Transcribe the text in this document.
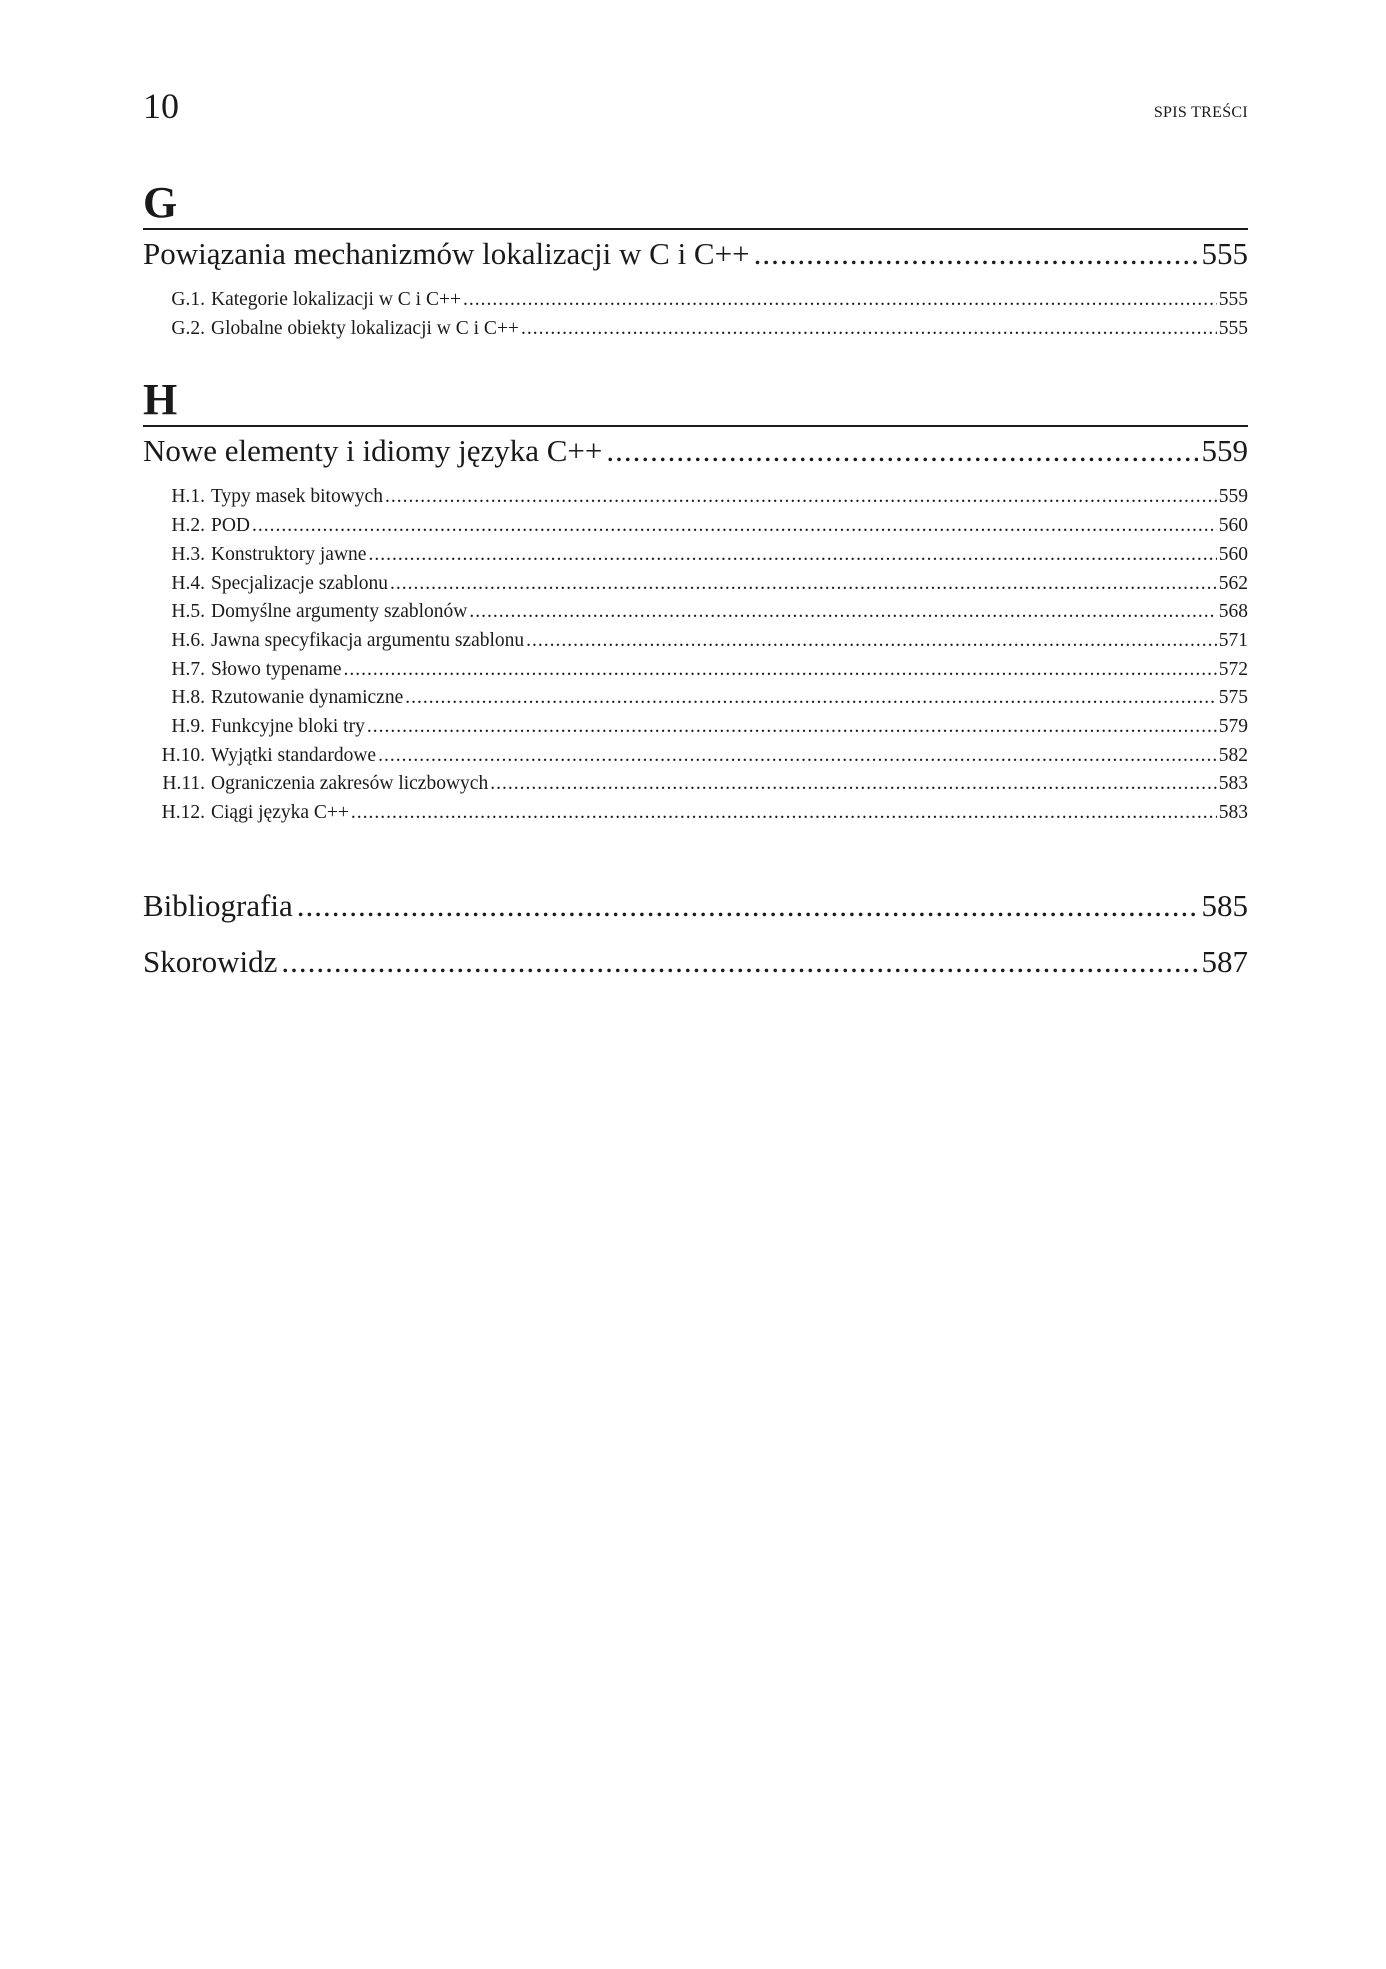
10	SPIS TREŚCI
G
Powiązania mechanizmów lokalizacji w C i C++ .....	555
G.1. Kategorie lokalizacji w C i C++ .....	555
G.2. Globalne obiekty lokalizacji w C i C++ .....	555
H
Nowe elementy i idiomy języka C++ .....	559
H.1. Typy masek bitowych .....	559
H.2. POD .....	560
H.3. Konstruktory jawne .....	560
H.4. Specjalizacje szablonu .....	562
H.5. Domyślne argumenty szablonów .....	568
H.6. Jawna specyfikacja argumentu szablonu .....	571
H.7. Słowo typename .....	572
H.8. Rzutowanie dynamiczne .....	575
H.9. Funkcyjne bloki try .....	579
H.10. Wyjątki standardowe .....	582
H.11. Ograniczenia zakresów liczbowych .....	583
H.12. Ciągi języka C++ .....	583
Bibliografia .....	585
Skorowidz .....	587
